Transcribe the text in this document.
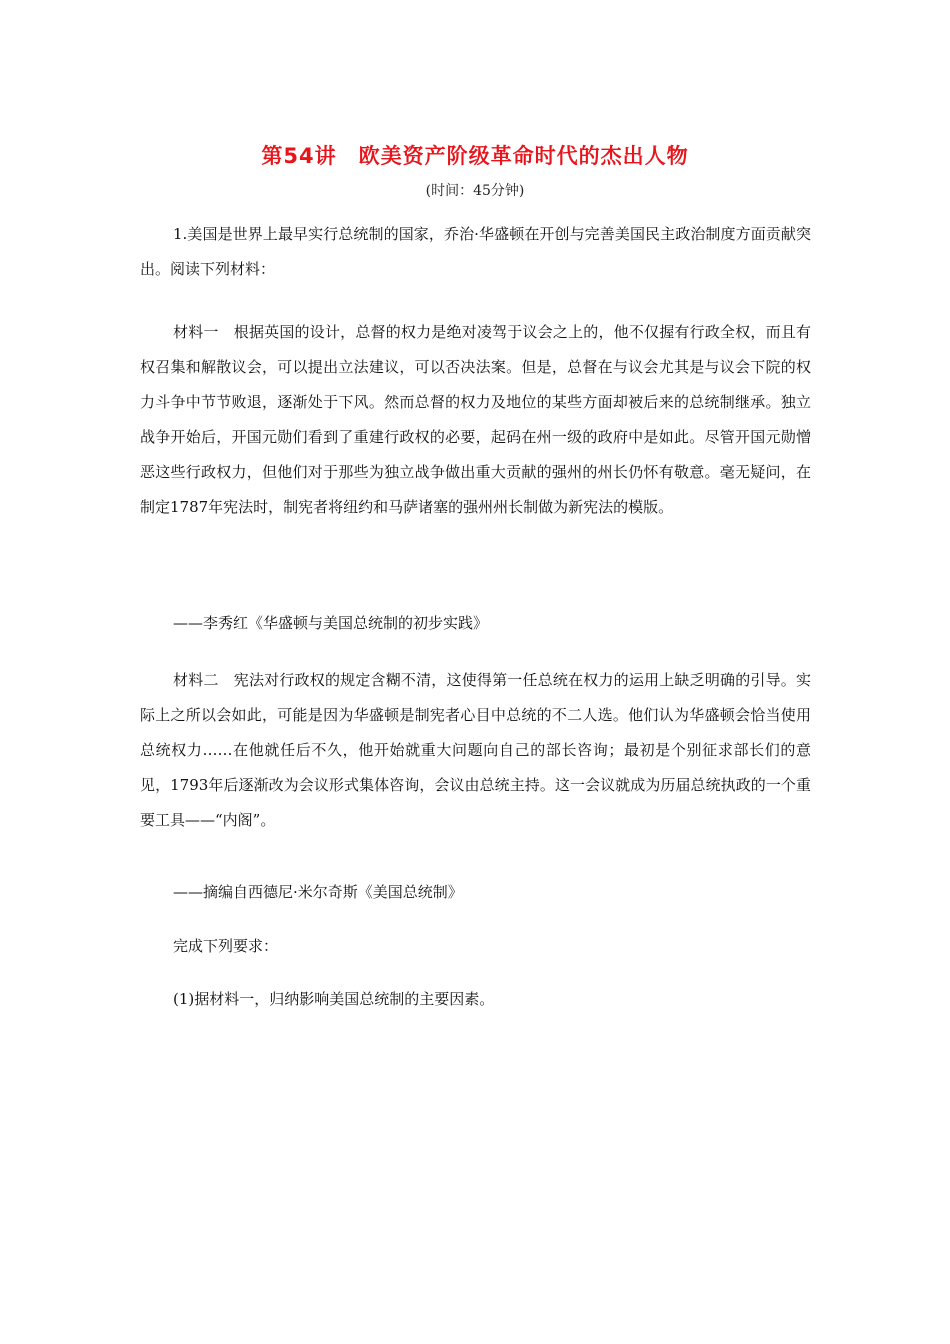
第54讲　欧美资产阶级革命时代的杰出人物
(时间：45分钟)
1.美国是世界上最早实行总统制的国家，乔治·华盛顿在开创与完善美国民主政治制度方面贡献突出。阅读下列材料：
材料一　根据英国的设计，总督的权力是绝对凌驾于议会之上的，他不仅握有行政全权，而且有权召集和解散议会，可以提出立法建议，可以否决法案。但是，总督在与议会尤其是与议会下院的权力斗争中节节败退，逐渐处于下风。然而总督的权力及地位的某些方面却被后来的总统制继承。独立战争开始后，开国元勋们看到了重建行政权的必要，起码在州一级的政府中是如此。尽管开国元勋憎恶这些行政权力，但他们对于那些为独立战争做出重大贡献的强州的州长仍怀有敬意。毫无疑问，在制定1787年宪法时，制宪者将纽约和马萨诸塞的强州州长制做为新宪法的模版。
——李秀红《华盛顿与美国总统制的初步实践》
材料二　宪法对行政权的规定含糊不清，这使得第一任总统在权力的运用上缺乏明确的引导。实际上之所以会如此，可能是因为华盛顿是制宪者心目中总统的不二人选。他们认为华盛顿会恰当使用总统权力……在他就任后不久，他开始就重大问题向自己的部长咨询；最初是个别征求部长们的意见，1793年后逐渐改为会议形式集体咨询，会议由总统主持。这一会议就成为历届总统执政的一个重要工具——“内阁”。
——摘编自西德尼·米尔奇斯《美国总统制》
完成下列要求：
(1)据材料一，归纳影响美国总统制的主要因素。
